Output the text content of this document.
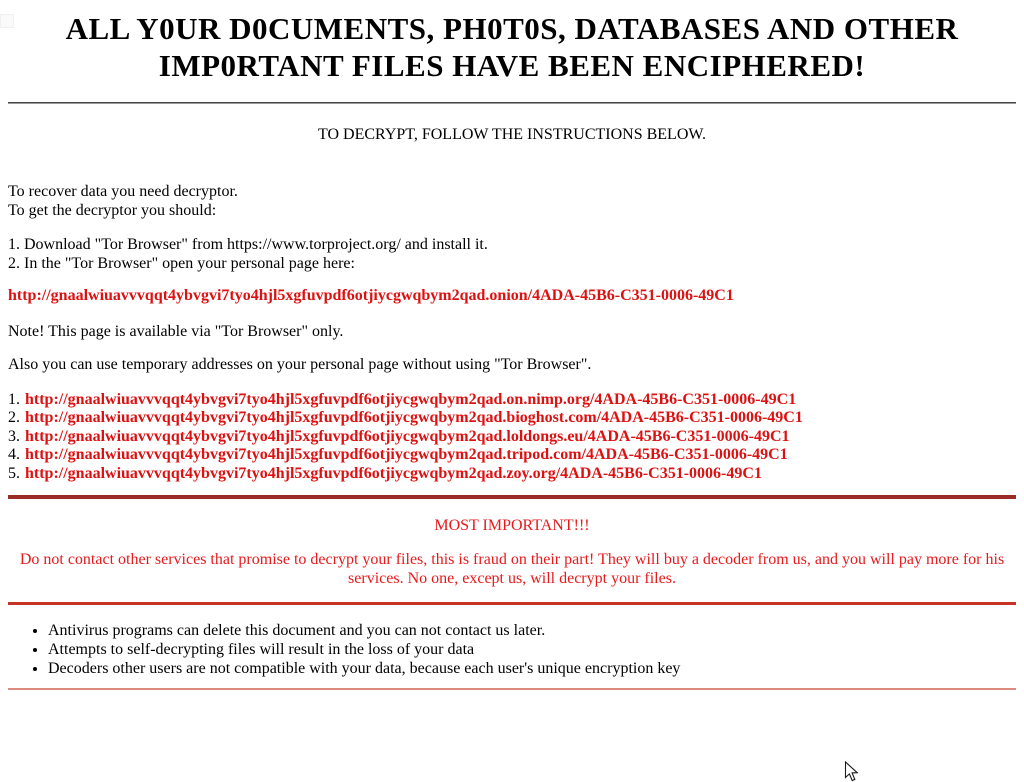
ALL Y0UR D0CUMENTS, PH0T0S, DATABASES AND OTHER IMP0RTANT FILES HAVE BEEN ENCIPHERED!

TO DECRYPT, FOLLOW THE INSTRUCTIONS BELOW.

To recover data you need decryptor.
To get the decryptor you should:

1. Download "Tor Browser" from https://www.torproject.org/ and install it.
2. In the "Tor Browser" open your personal page here:

http://gnaalwiuavvvqqt4ybvgvi7tyo4hjl5xgfuvpdf6otjiycgwqbym2qad.onion/4ADA-45B6-C351-0006-49C1

Note! This page is available via "Tor Browser" only.

Also you can use temporary addresses on your personal page without using "Tor Browser".

1. http://gnaalwiuavvvqqt4ybvgvi7tyo4hjl5xgfuvpdf6otjiycgwqbym2qad.on.nimp.org/4ADA-45B6-C351-0006-49C1
2. http://gnaalwiuavvvqqt4ybvgvi7tyo4hjl5xgfuvpdf6otjiycgwqbym2qad.bioghost.com/4ADA-45B6-C351-0006-49C1
3. http://gnaalwiuavvvqqt4ybvgvi7tyo4hjl5xgfuvpdf6otjiycgwqbym2qad.loldongs.eu/4ADA-45B6-C351-0006-49C1
4. http://gnaalwiuavvvqqt4ybvgvi7tyo4hjl5xgfuvpdf6otjiycgwqbym2qad.tripod.com/4ADA-45B6-C351-0006-49C1
5. http://gnaalwiuavvvqqt4ybvgvi7tyo4hjl5xgfuvpdf6otjiycgwqbym2qad.zoy.org/4ADA-45B6-C351-0006-49C1

MOST IMPORTANT!!!

Do not contact other services that promise to decrypt your files, this is fraud on their part! They will buy a decoder from us, and you will pay more for his services. No one, except us, will decrypt your files.

• Antivirus programs can delete this document and you can not contact us later.
• Attempts to self-decrypting files will result in the loss of your data
• Decoders other users are not compatible with your data, because each user's unique encryption key
